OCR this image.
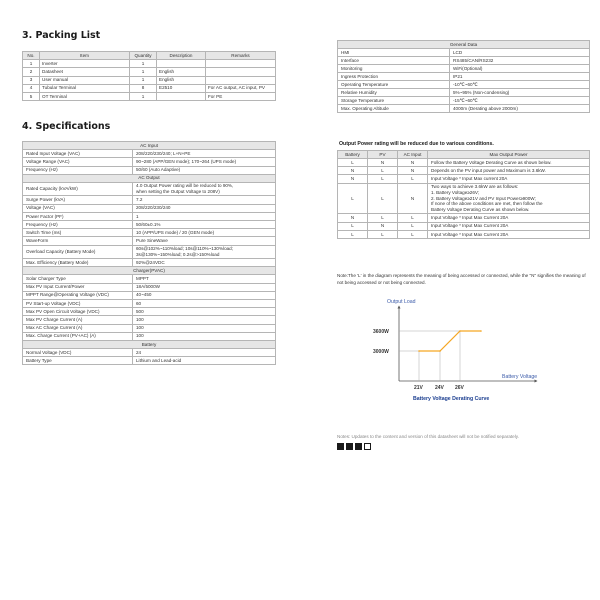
3. Packing List
No.	Item	Quantity	Description	Remarks
1	Inverter	1		
2	Datasheet	1	English	
3	User manual	1	English	
4	Tubular Terminal	8	E2510	For AC output, AC input, PV
5	OT Terminal	1		For PE
4. Specifications
AC Input	
Rated Input Voltage (VAC)	208/220/230/240; L+N+PE
Voltage Range (VAC)	90~280 (APP/GEN mode); 170~264 (UPS mode)
Frequency (Hz)	50/60 (Auto Adaptive)
AC Output	
Rated Capacity (kVA/kW)	4.0 Output Power rating will be reduced to 90%,
when setting the Output Voltage to 208V)
Surge Power (kVA)	7.2
Voltage (VAC)	208/220/230/240
Power Factor (PF)	1
Frequency (Hz)	50/60±0.1%
Switch Time (ms)	10 (APP/UPS mode) / 20 (GEN mode)
WaveForm	Pure SineWave
Overload Capacity (Battery Mode)	60s@102%~110%load; 10s@110%~130%load;
3s@130%~150%load; 0.2s@>150%load
Max. Efficiency (Battery Mode)	92%@24VDC
Charger(PVAC)	
Solar Charger Type	MPPT
Max PV Input Current/Power	18A/5000W
MPPT Range@Operating Voltage (VDC)	40~450
PV Start-up Voltage (VDC)	60
Max PV Open Circuit Voltage (VDC)	500
Max PV Charge Current (A)	100
Max AC Charge Current (A)	100
Max. Charge Current (PV+AC) (A)	100
Battery	
Normal Voltage (VDC)	24
Battery Type	Lithium and Lead-acid
General Data	
HMI	LCD
Interface	RS485/CAN/RS232
Monitoring	WiFi(Optional)
Ingress Protection	IP21
Operating Temperature	-10℃~60℃
Relative Humidity	5%~95% (Non-condensing)
Storage Temperature	-15℃~60℃
Max. Operating Altitude	4000m (Derating above 2000m)
Output Power rating will be reduced due to various conditions.
Battery	PV	AC Input	Max Output Power
L	N	N	Follow the Battery Voltage Derating Curve as shown below.
N	L	N	Depends on the PV input power and Maximum is 3.6kW.
N	L	L	Input Voltage * Input Max current 20A
L	L	N	Two ways to achieve 3.6kW are as follows:
1. Battery Voltage≥26V;
2. Battery Voltage≥21V and PV Input Power≥900W;
If none of the above conditions are met, then follow the
Battery Voltage Derating Curve as shown below.
N	L	L	Input Voltage * Input Max Current 20A
L	N	L	Input Voltage * Input Max Current 20A
L	L	L	Input Voltage * Input Max Current 20A
Note:The 'L' in the diagram represents the meaning of being accessed or connected, while the "N" signifies the meaning of not being accessed or not being connected.
Output Load
Battery Voltage
3000W
3600W
21V 24V 26V
Battery Voltage Derating Curve
Notes: Updates to the content and version of this datasheet will not be notified separately.
